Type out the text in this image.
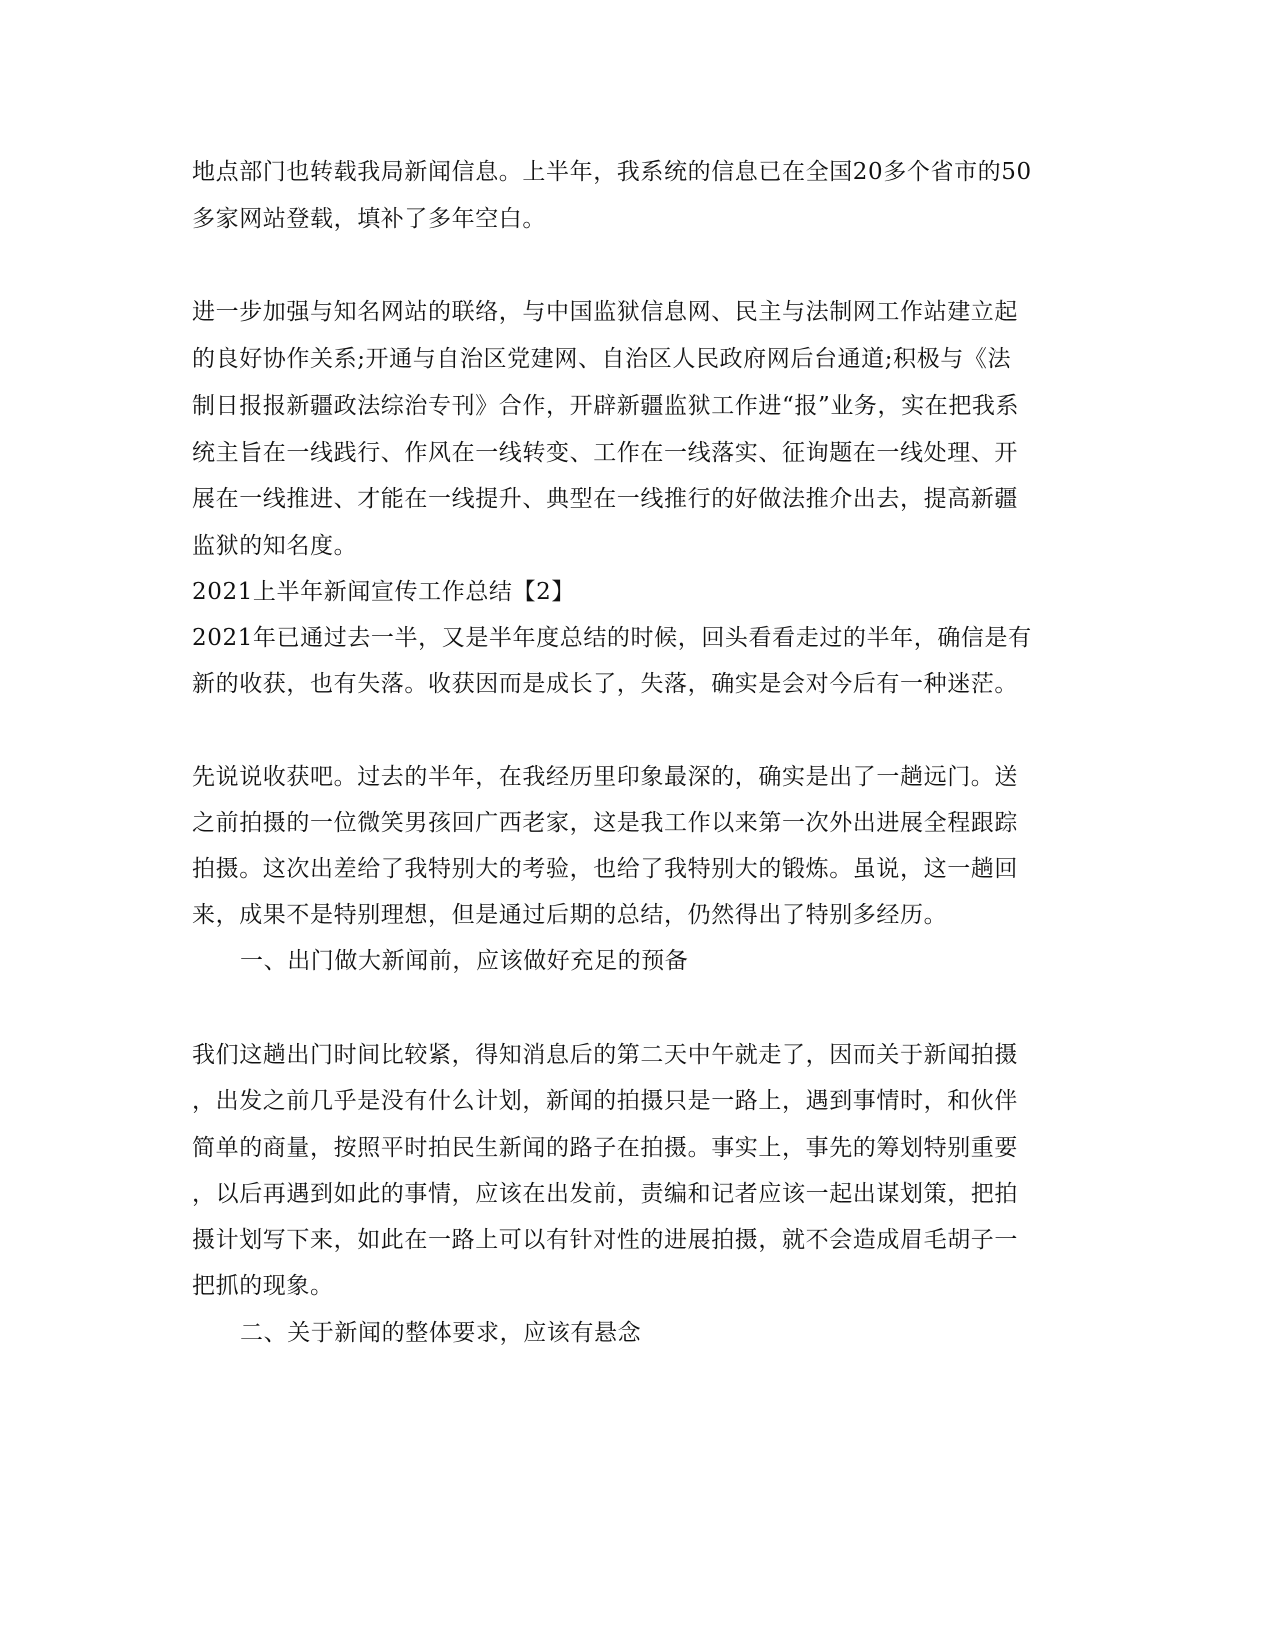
地点部门也转载我局新闻信息。上半年，我系统的信息已在全国20多个省市的50
多家网站登载，填补了多年空白。
进一步加强与知名网站的联络，与中国监狱信息网、民主与法制网工作站建立起
的良好协作关系;开通与自治区党建网、自治区人民政府网后台通道;积极与《法
制日报报新疆政法综治专刊》合作，开辟新疆监狱工作进“报”业务，实在把我系
统主旨在一线践行、作风在一线转变、工作在一线落实、征询题在一线处理、开
展在一线推进、才能在一线提升、典型在一线推行的好做法推介出去，提高新疆
监狱的知名度。
2021上半年新闻宣传工作总结【2】
2021年已通过去一半，又是半年度总结的时候，回头看看走过的半年，确信是有
新的收获，也有失落。收获因而是成长了，失落，确实是会对今后有一种迷茫。
先说说收获吧。过去的半年，在我经历里印象最深的，确实是出了一趟远门。送
之前拍摄的一位微笑男孩回广西老家，这是我工作以来第一次外出进展全程跟踪
拍摄。这次出差给了我特别大的考验，也给了我特别大的锻炼。虽说，这一趟回
来，成果不是特别理想，但是通过后期的总结，仍然得出了特别多经历。
一、出门做大新闻前，应该做好充足的预备
我们这趟出门时间比较紧，得知消息后的第二天中午就走了，因而关于新闻拍摄
，出发之前几乎是没有什么计划，新闻的拍摄只是一路上，遇到事情时，和伙伴
简单的商量，按照平时拍民生新闻的路子在拍摄。事实上，事先的筹划特别重要
，以后再遇到如此的事情，应该在出发前，责编和记者应该一起出谋划策，把拍
摄计划写下来，如此在一路上可以有针对性的进展拍摄，就不会造成眉毛胡子一
把抓的现象。
二、关于新闻的整体要求，应该有悬念
